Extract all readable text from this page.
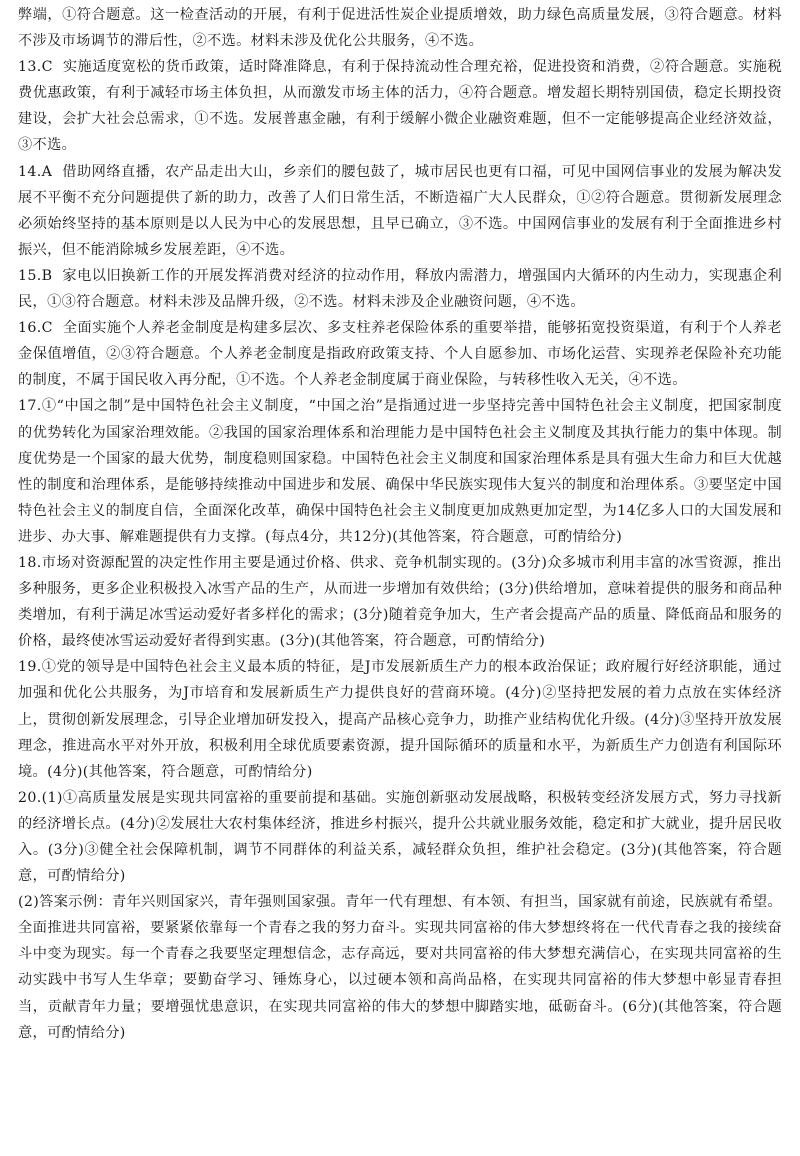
弊端，①符合题意。这一检查活动的开展，有利于促进活性炭企业提质增效，助力绿色高质量发展，③符合题意。材料不涉及市场调节的滞后性，②不选。材料未涉及优化公共服务，④不选。

13.C 实施适度宽松的货币政策，适时降准降息，有利于保持流动性合理充裕，促进投资和消费，②符合题意。实施税费优惠政策，有利于减轻市场主体负担，从而激发市场主体的活力，④符合题意。增发超长期特别国债，稳定长期投资建设，会扩大社会总需求，①不选。发展普惠金融，有利于缓解小微企业融资难题，但不一定能够提高企业经济效益，③不选。

14.A 借助网络直播，农产品走出大山，乡亲们的腰包鼓了，城市居民也更有口福，可见中国网信事业的发展为解决发展不平衡不充分问题提供了新的助力，改善了人们日常生活，不断造福广大人民群众，①②符合题意。贯彻新发展理念必须始终坚持的基本原则是以人民为中心的发展思想，且早已确立，③不选。中国网信事业的发展有利于全面推进乡村振兴，但不能消除城乡发展差距，④不选。

15.B 家电以旧换新工作的开展发挥消费对经济的拉动作用，释放内需潜力，增强国内大循环的内生动力，实现惠企利民，①③符合题意。材料未涉及品牌升级，②不选。材料未涉及企业融资问题，④不选。

16.C 全面实施个人养老金制度是构建多层次、多支柱养老保险体系的重要举措，能够拓宽投资渠道，有利于个人养老金保值增值，②③符合题意。个人养老金制度是指政府政策支持、个人自愿参加、市场化运营、实现养老保险补充功能的制度，不属于国民收入再分配，①不选。个人养老金制度属于商业保险，与转移性收入无关，④不选。

17.①“中国之制”是中国特色社会主义制度，“中国之治”是指通过进一步坚持完善中国特色社会主义制度，把国家制度的优势转化为国家治理效能。②我国的国家治理体系和治理能力是中国特色社会主义制度及其执行能力的集中体现。制度优势是一个国家的最大优势，制度稳则国家稳。中国特色社会主义制度和国家治理体系是具有强大生命力和巨大优越性的制度和治理体系，是能够持续推动中国进步和发展、确保中华民族实现伟大复兴的制度和治理体系。③要坚定中国特色社会主义的制度自信，全面深化改革，确保中国特色社会主义制度更加成熟更加定型，为14亿多人口的大国发展和进步、办大事、解难题提供有力支撑。(每点4分，共12分)(其他答案，符合题意，可酌情给分)

18.市场对资源配置的决定性作用主要是通过价格、供求、竞争机制实现的。(3分)众多城市利用丰富的冰雪资源，推出多种服务，更多企业积极投入冰雪产品的生产，从而进一步增加有效供给；(3分)供给增加，意味着提供的服务和商品种类增加，有利于满足冰雪运动爱好者多样化的需求；(3分)随着竞争加大，生产者会提高产品的质量、降低商品和服务的价格，最终使冰雪运动爱好者得到实惠。(3分)(其他答案，符合题意，可酌情给分)

19.①党的领导是中国特色社会主义最本质的特征，是J市发展新质生产力的根本政治保证；政府履行好经济职能，通过加强和优化公共服务，为J市培育和发展新质生产力提供良好的营商环境。(4分)②坚持把发展的着力点放在实体经济上，贯彻创新发展理念，引导企业增加研发投入，提高产品核心竞争力，助推产业结构优化升级。(4分)③坚持开放发展理念，推进高水平对外开放，积极利用全球优质要素资源，提升国际循环的质量和水平，为新质生产力创造有利国际环境。(4分)(其他答案，符合题意，可酌情给分)

20.(1)①高质量发展是实现共同富裕的重要前提和基础。实施创新驱动发展战略，积极转变经济发展方式，努力寻找新的经济增长点。(4分)②发展壮大农村集体经济，推进乡村振兴，提升公共就业服务效能，稳定和扩大就业，提升居民收入。(3分)③健全社会保障机制，调节不同群体的利益关系，减轻群众负担，维护社会稳定。(3分)(其他答案，符合题意，可酌情给分)

(2)答案示例：青年兴则国家兴，青年强则国家强。青年一代有理想、有本领、有担当，国家就有前途，民族就有希望。全面推进共同富裕，要紧紧依靠每一个青春之我的努力奋斗。实现共同富裕的伟大梦想终将在一代代青春之我的接续奋斗中变为现实。每一个青春之我要坚定理想信念，志存高远，要对共同富裕的伟大梦想充满信心，在实现共同富裕的生动实践中书写人生华章；要勤奋学习、锤炼身心，以过硬本领和高尚品格，在实现共同富裕的伟大梦想中彰显青春担当，贡献青年力量；要增强忧患意识，在实现共同富裕的伟大的梦想中脚踏实地，砥砺奋斗。(6分)(其他答案，符合题意，可酌情给分)
